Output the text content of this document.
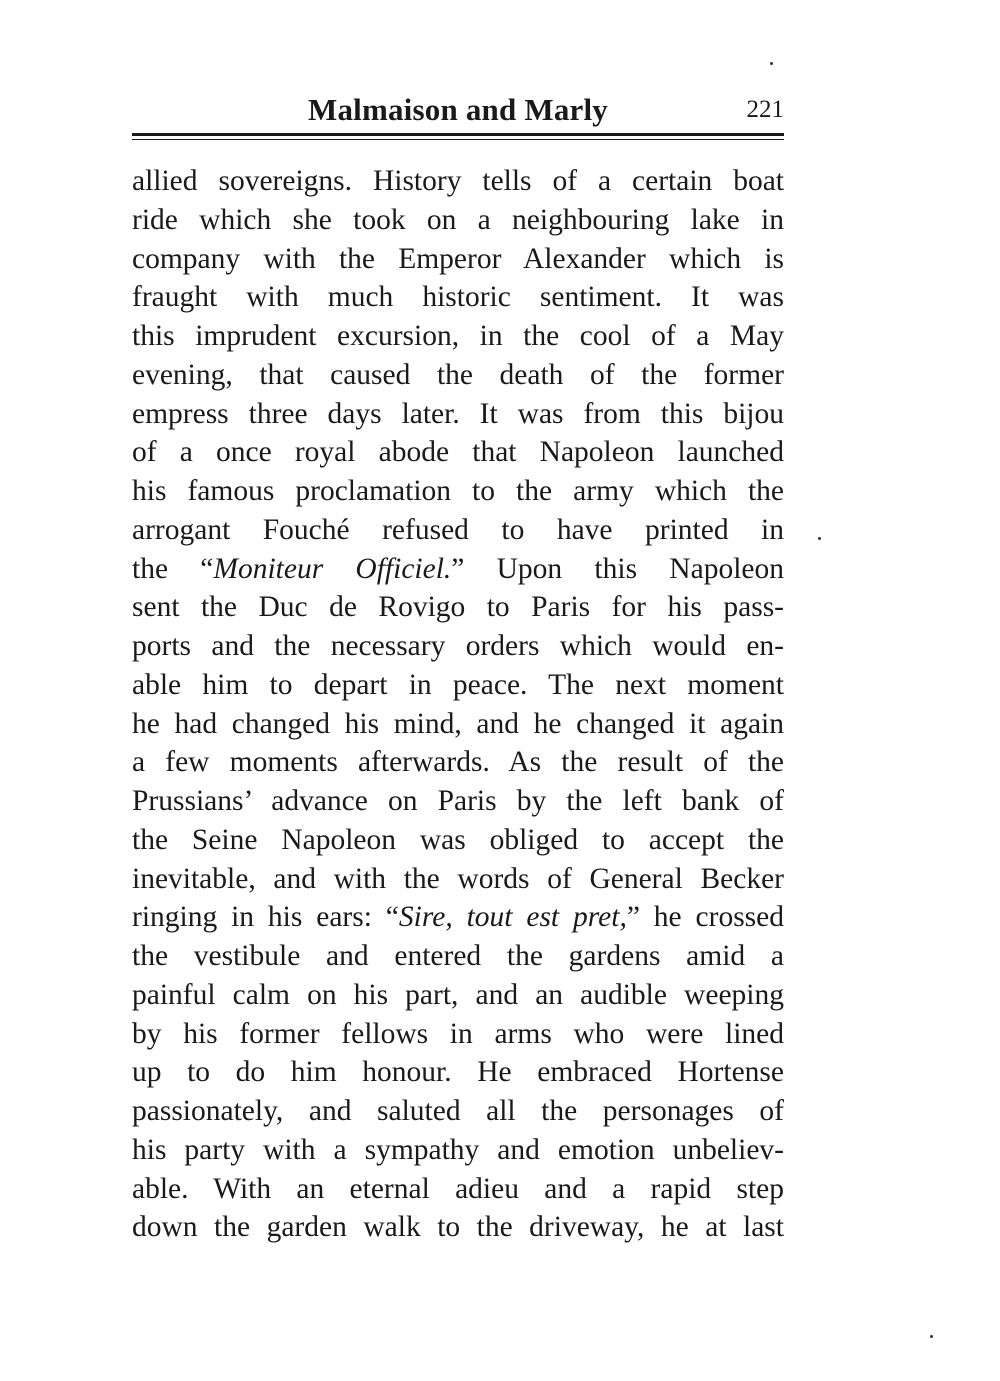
Malmaison and Marly	221
allied sovereigns. History tells of a certain boat
ride which she took on a neighbouring lake in
company with the Emperor Alexander which is
fraught with much historic sentiment. It was
this imprudent excursion, in the cool of a May
evening, that caused the death of the former
empress three days later. It was from this bijou
of a once royal abode that Napoleon launched
his famous proclamation to the army which the
arrogant Fouché refused to have printed in
the “Moniteur Officiel.” Upon this Napoleon
sent the Duc de Rovigo to Paris for his pass-
ports and the necessary orders which would en-
able him to depart in peace. The next moment
he had changed his mind, and he changed it again
a few moments afterwards. As the result of the
Prussians’ advance on Paris by the left bank of
the Seine Napoleon was obliged to accept the
inevitable, and with the words of General Becker
ringing in his ears: “Sire, tout est pret,” he crossed
the vestibule and entered the gardens amid a
painful calm on his part, and an audible weeping
by his former fellows in arms who were lined
up to do him honour. He embraced Hortense
passionately, and saluted all the personages of
his party with a sympathy and emotion unbeliev-
able. With an eternal adieu and a rapid step
down the garden walk to the driveway, he at last
